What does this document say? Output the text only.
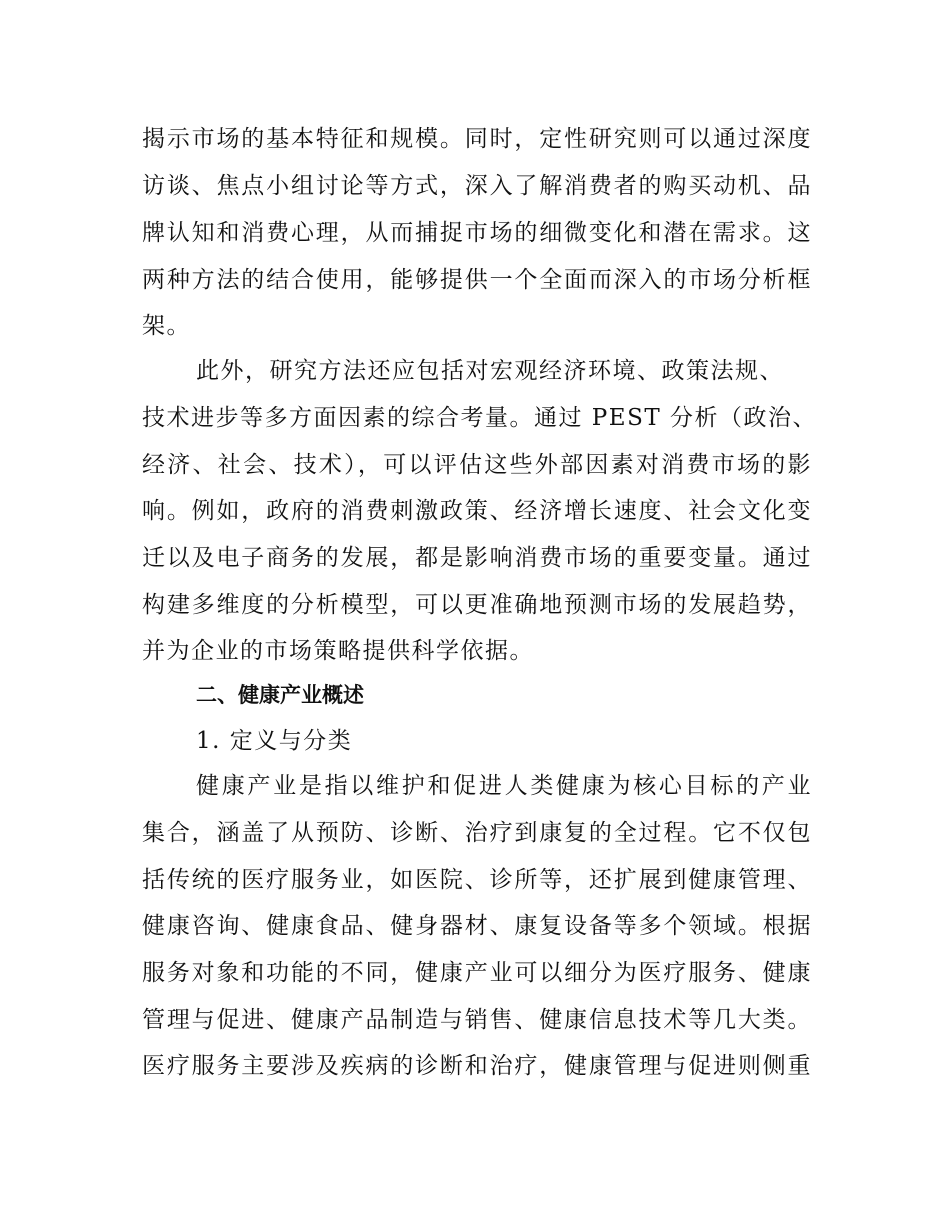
揭示市场的基本特征和规模。同时，定性研究则可以通过深度
访谈、焦点小组讨论等方式，深入了解消费者的购买动机、品
牌认知和消费心理，从而捕捉市场的细微变化和潜在需求。这
两种方法的结合使用，能够提供一个全面而深入的市场分析框
架。
此外，研究方法还应包括对宏观经济环境、政策法规、
技术进步等多方面因素的综合考量。通过 PEST 分析（政治、
经济、社会、技术），可以评估这些外部因素对消费市场的影
响。例如，政府的消费刺激政策、经济增长速度、社会文化变
迁以及电子商务的发展，都是影响消费市场的重要变量。通过
构建多维度的分析模型，可以更准确地预测市场的发展趋势，
并为企业的市场策略提供科学依据。
二、健康产业概述
1. 定义与分类
健康产业是指以维护和促进人类健康为核心目标的产业
集合，涵盖了从预防、诊断、治疗到康复的全过程。它不仅包
括传统的医疗服务业，如医院、诊所等，还扩展到健康管理、
健康咨询、健康食品、健身器材、康复设备等多个领域。根据
服务对象和功能的不同，健康产业可以细分为医疗服务、健康
管理与促进、健康产品制造与销售、健康信息技术等几大类。
医疗服务主要涉及疾病的诊断和治疗，健康管理与促进则侧重
